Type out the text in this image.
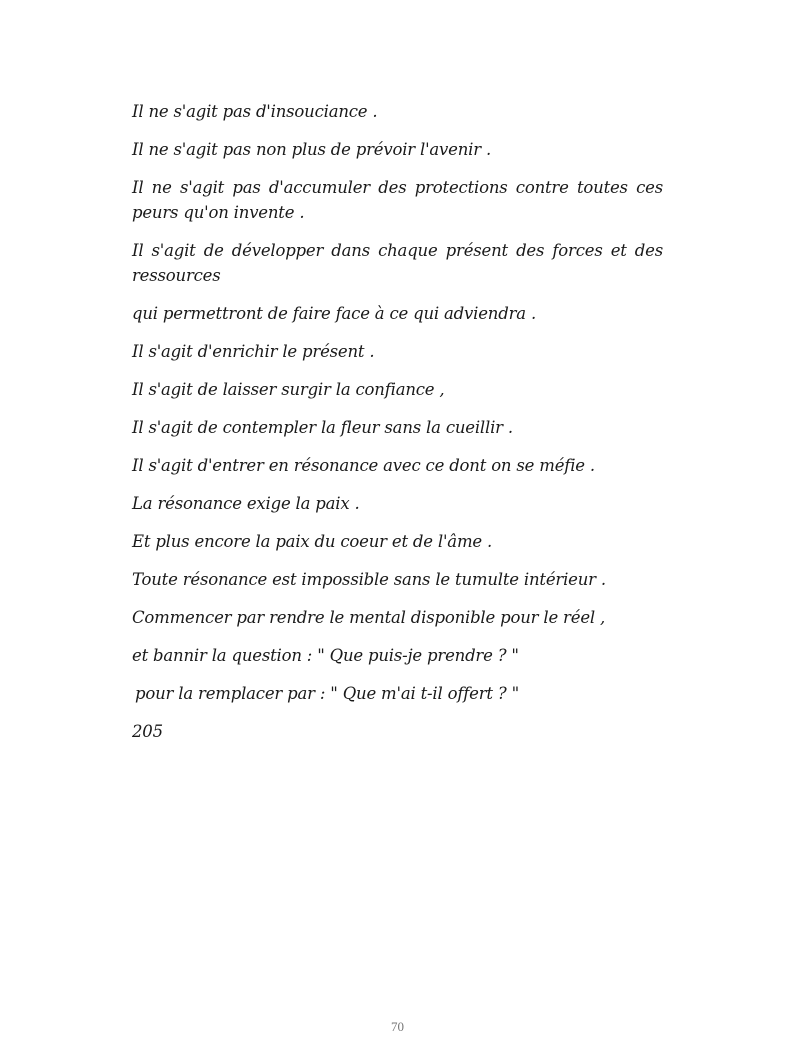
Il ne s'agit pas d'insouciance .

Il ne s'agit pas non plus de prévoir l'avenir .

Il ne s'agit pas d'accumuler des protections contre toutes ces peurs qu'on invente .

Il s'agit de développer dans chaque présent des forces et des ressources

qui permettront de faire face à ce qui adviendra .

Il s'agit d'enrichir le présent .

Il s'agit de laisser surgir la confiance ,

Il s'agit de contempler la fleur sans la cueillir .

Il s'agit d'entrer en résonance avec ce dont on se méfie .

La résonance exige la paix .

Et plus encore la paix du coeur et de l'âme .

Toute résonance est impossible sans le tumulte intérieur .

Commencer par rendre le mental disponible pour le réel ,

et bannir la question : " Que puis-je prendre ? "

pour la remplacer par : " Que m'ai t-il offert ? "

205

70
